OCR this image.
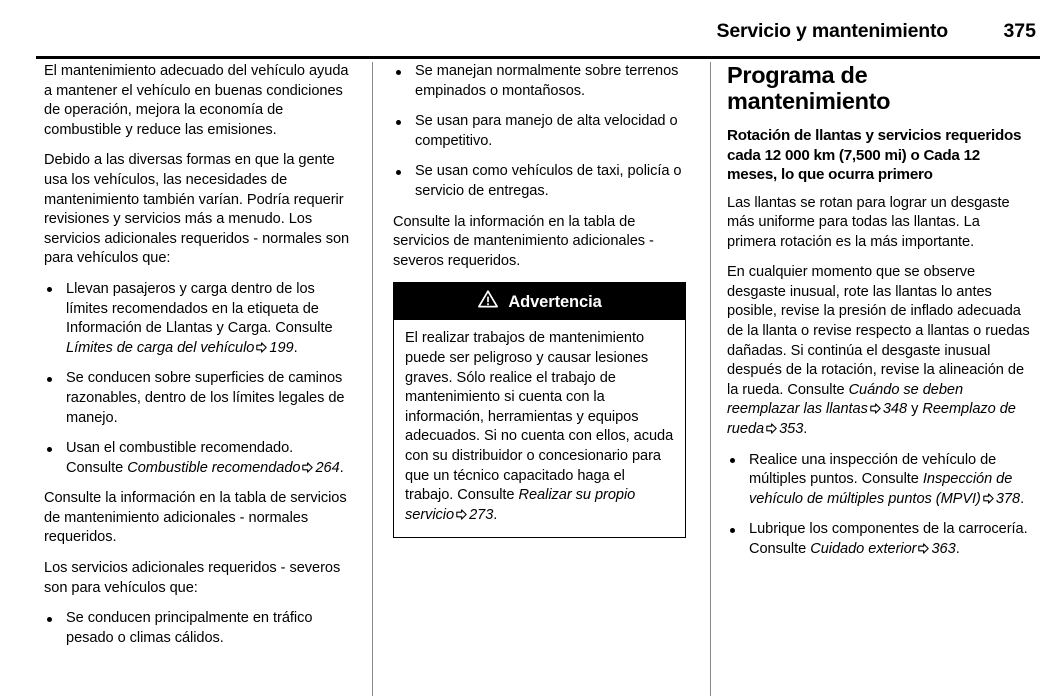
Servicio y mantenimiento	375

El mantenimiento adecuado del vehículo ayuda a mantener el vehículo en buenas condiciones de operación, mejora la economía de combustible y reduce las emisiones.

Debido a las diversas formas en que la gente usa los vehículos, las necesidades de mantenimiento también varían. Podría requerir revisiones y servicios más a menudo. Los servicios adicionales requeridos - normales son para vehículos que:

Llevan pasajeros y carga dentro de los límites recomendados en la etiqueta de Información de Llantas y Carga. Consulte Límites de carga del vehículo 199.
Se conducen sobre superficies de caminos razonables, dentro de los límites legales de manejo.
Usan el combustible recomendado. Consulte Combustible recomendado 264.

Consulte la información en la tabla de servicios de mantenimiento adicionales - normales requeridos.

Los servicios adicionales requeridos - severos son para vehículos que:

Se conducen principalmente en tráfico pesado o climas cálidos.
Se manejan normalmente sobre terrenos empinados o montañosos.
Se usan para manejo de alta velocidad o competitivo.
Se usan como vehículos de taxi, policía o servicio de entregas.

Consulte la información en la tabla de servicios de mantenimiento adicionales - severos requeridos.

Advertencia

El realizar trabajos de mantenimiento puede ser peligroso y causar lesiones graves. Sólo realice el trabajo de mantenimiento si cuenta con la información, herramientas y equipos adecuados. Si no cuenta con ellos, acuda con su distribuidor o concesionario para que un técnico capacitado haga el trabajo. Consulte Realizar su propio servicio 273.

Programa de mantenimiento
Rotación de llantas y servicios requeridos cada 12 000 km (7,500 mi) o Cada 12 meses, lo que ocurra primero

Las llantas se rotan para lograr un desgaste más uniforme para todas las llantas. La primera rotación es la más importante.

En cualquier momento que se observe desgaste inusual, rote las llantas lo antes posible, revise la presión de inflado adecuada de la llanta o revise respecto a llantas o ruedas dañadas. Si continúa el desgaste inusual después de la rotación, revise la alineación de la rueda. Consulte Cuándo se deben reemplazar las llantas 348 y Reemplazo de rueda 353.

Realice una inspección de vehículo de múltiples puntos. Consulte Inspección de vehículo de múltiples puntos (MPVI) 378.
Lubrique los componentes de la carrocería. Consulte Cuidado exterior 363.
